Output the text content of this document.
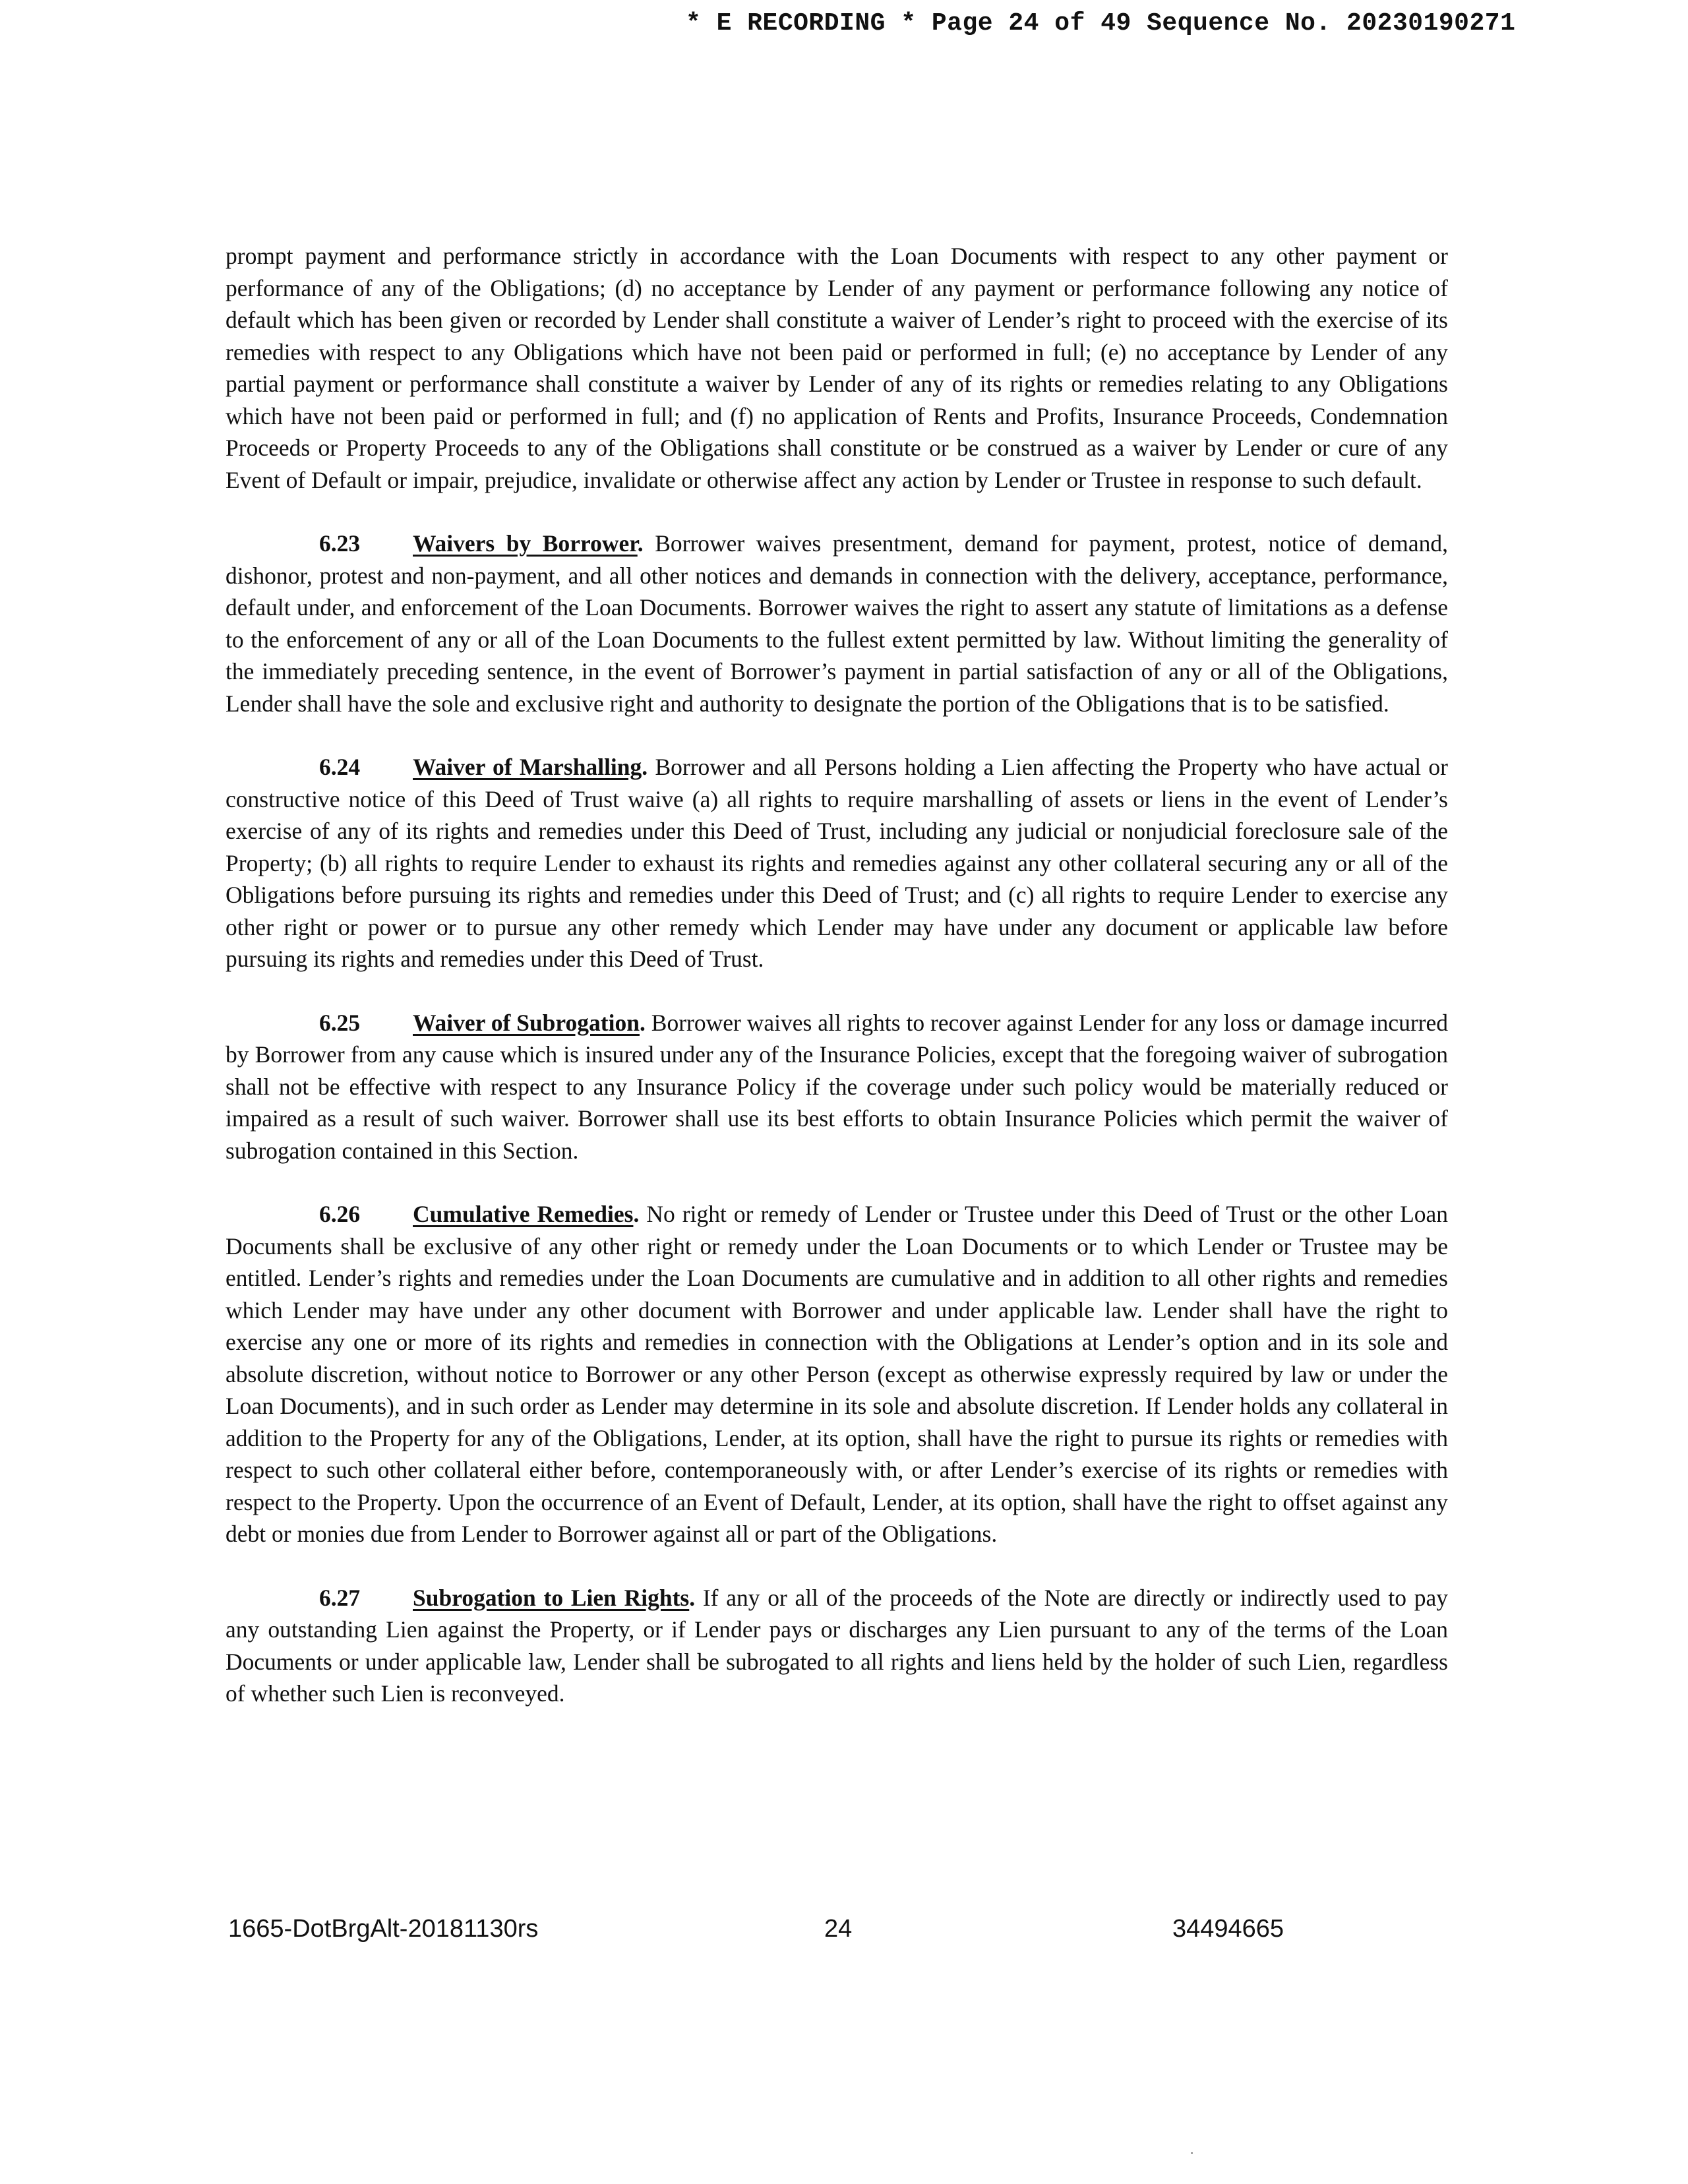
* E RECORDING * Page 24 of 49 Sequence No. 20230190271

prompt payment and performance strictly in accordance with the Loan Documents with respect to any other payment or performance of any of the Obligations; (d) no acceptance by Lender of any payment or performance following any notice of default which has been given or recorded by Lender shall constitute a waiver of Lender’s right to proceed with the exercise of its remedies with respect to any Obligations which have not been paid or performed in full; (e) no acceptance by Lender of any partial payment or performance shall constitute a waiver by Lender of any of its rights or remedies relating to any Obligations which have not been paid or performed in full; and (f) no application of Rents and Profits, Insurance Proceeds, Condemnation Proceeds or Property Proceeds to any of the Obligations shall constitute or be construed as a waiver by Lender or cure of any Event of Default or impair, prejudice, invalidate or otherwise affect any action by Lender or Trustee in response to such default.

6.23 Waivers by Borrower. Borrower waives presentment, demand for payment, protest, notice of demand, dishonor, protest and non-payment, and all other notices and demands in connection with the delivery, acceptance, performance, default under, and enforcement of the Loan Documents. Borrower waives the right to assert any statute of limitations as a defense to the enforcement of any or all of the Loan Documents to the fullest extent permitted by law. Without limiting the generality of the immediately preceding sentence, in the event of Borrower’s payment in partial satisfaction of any or all of the Obligations, Lender shall have the sole and exclusive right and authority to designate the portion of the Obligations that is to be satisfied.

6.24 Waiver of Marshalling. Borrower and all Persons holding a Lien affecting the Property who have actual or constructive notice of this Deed of Trust waive (a) all rights to require marshalling of assets or liens in the event of Lender’s exercise of any of its rights and remedies under this Deed of Trust, including any judicial or nonjudicial foreclosure sale of the Property; (b) all rights to require Lender to exhaust its rights and remedies against any other collateral securing any or all of the Obligations before pursuing its rights and remedies under this Deed of Trust; and (c) all rights to require Lender to exercise any other right or power or to pursue any other remedy which Lender may have under any document or applicable law before pursuing its rights and remedies under this Deed of Trust.

6.25 Waiver of Subrogation. Borrower waives all rights to recover against Lender for any loss or damage incurred by Borrower from any cause which is insured under any of the Insurance Policies, except that the foregoing waiver of subrogation shall not be effective with respect to any Insurance Policy if the coverage under such policy would be materially reduced or impaired as a result of such waiver. Borrower shall use its best efforts to obtain Insurance Policies which permit the waiver of subrogation contained in this Section.

6.26 Cumulative Remedies. No right or remedy of Lender or Trustee under this Deed of Trust or the other Loan Documents shall be exclusive of any other right or remedy under the Loan Documents or to which Lender or Trustee may be entitled. Lender’s rights and remedies under the Loan Documents are cumulative and in addition to all other rights and remedies which Lender may have under any other document with Borrower and under applicable law. Lender shall have the right to exercise any one or more of its rights and remedies in connection with the Obligations at Lender’s option and in its sole and absolute discretion, without notice to Borrower or any other Person (except as otherwise expressly required by law or under the Loan Documents), and in such order as Lender may determine in its sole and absolute discretion. If Lender holds any collateral in addition to the Property for any of the Obligations, Lender, at its option, shall have the right to pursue its rights or remedies with respect to such other collateral either before, contemporaneously with, or after Lender’s exercise of its rights or remedies with respect to the Property. Upon the occurrence of an Event of Default, Lender, at its option, shall have the right to offset against any debt or monies due from Lender to Borrower against all or part of the Obligations.

6.27 Subrogation to Lien Rights. If any or all of the proceeds of the Note are directly or indirectly used to pay any outstanding Lien against the Property, or if Lender pays or discharges any Lien pursuant to any of the terms of the Loan Documents or under applicable law, Lender shall be subrogated to all rights and liens held by the holder of such Lien, regardless of whether such Lien is reconveyed.

1665-DotBrgAlt-20181130rs	24	34494665
